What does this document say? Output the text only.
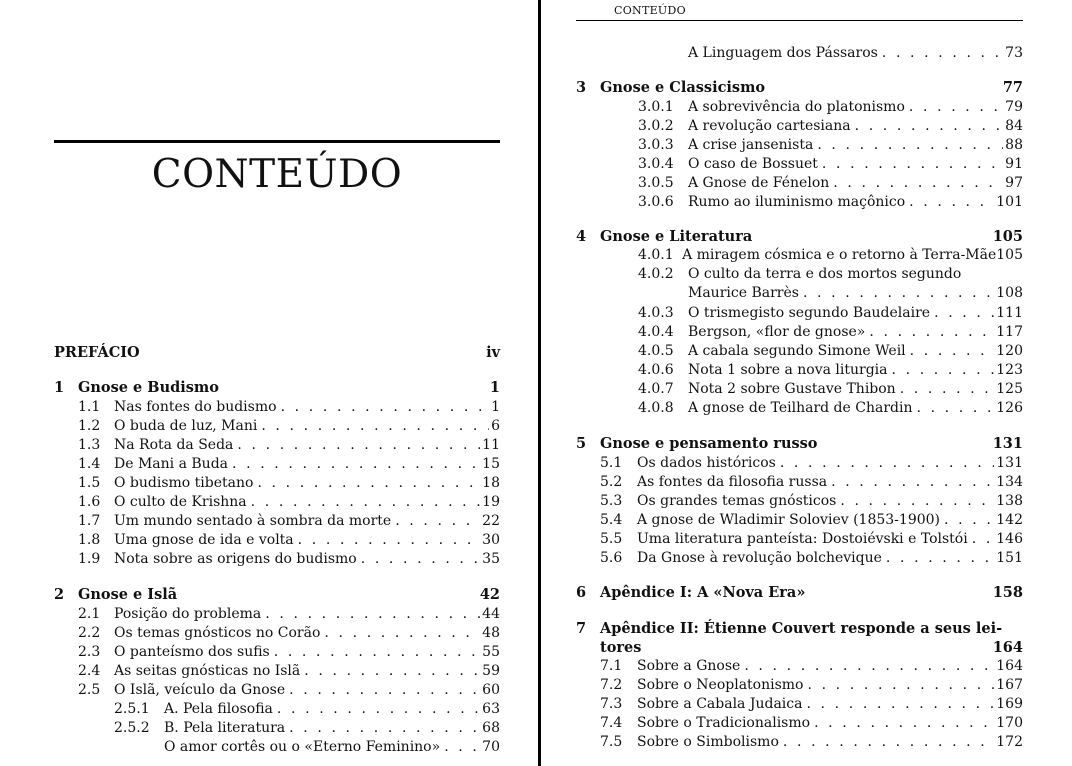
CONTEÚDO
CONTEÚDO
PREFÁCIO	iv
1 Gnose e Budismo	1
1.1 Nas fontes do budismo . . .	1
1.2 O buda de luz, Mani . . .	6
1.3 Na Rota da Seda . . .	11
1.4 De Mani a Buda . . .	15
1.5 O budismo tibetano . . .	18
1.6 O culto de Krishna . . .	19
1.7 Um mundo sentado à sombra da morte . . .	22
1.8 Uma gnose de ida e volta . . .	30
1.9 Nota sobre as origens do budismo . . .	35
2 Gnose e Islã	42
2.1 Posição do problema . . .	44
2.2 Os temas gnósticos no Corão . . .	48
2.3 O panteísmo dos sufis . . .	55
2.4 As seitas gnósticas no Islã . . .	59
2.5 O Islã, veículo da Gnose . . .	60
2.5.1	A. Pela filosofia . . .	63
2.5.2	B. Pela literatura . . .	68
O amor cortês ou o «Eterno Feminino» . . .	70
A Linguagem dos Pássaros . . .	73
3 Gnose e Classicismo	77
3.0.1	A sobrevivência do platonismo . . .	79
3.0.2	A revolução cartesiana . . .	84
3.0.3	A crise jansenista . . .	88
3.0.4	O caso de Bossuet . . .	91
3.0.5	A Gnose de Fénelon . . .	97
3.0.6	Rumo ao iluminismo maçônico . . .	101
4 Gnose e Literatura	105
4.0.1 A miragem cósmica e o retorno à Terra-Mãe 105
4.0.2	O culto da terra e dos mortos segundo
Maurice Barrès . . .	108
4.0.3	O trismegisto segundo Baudelaire . . .	111
4.0.4	Bergson, «flor de gnose» . . .	117
4.0.5	A cabala segundo Simone Weil . . .	120
4.0.6	Nota 1 sobre a nova liturgia . . .	123
4.0.7	Nota 2 sobre Gustave Thibon . . .	125
4.0.8	A gnose de Teilhard de Chardin . . .	126
5 Gnose e pensamento russo	131
5.1	Os dados históricos . . .	131
5.2	As fontes da filosofia russa . . .	134
5.3	Os grandes temas gnósticos . . .	138
5.4	A gnose de Wladimir Soloviev (1853-1900) . . .	142
5.5	Uma literatura panteísta: Dostoiévski e Tolstói . . . 146
5.6	Da Gnose à revolução bolchevique . . .	151
6 Apêndice I: A «Nova Era»	158
7 Apêndice II: Étienne Couvert responde a seus lei-
tores	164
7.1	Sobre a Gnose . . .	164
7.2	Sobre o Neoplatonismo . . .	167
7.3	Sobre a Cabala Judaica . . .	169
7.4	Sobre o Tradicionalismo . . .	170
7.5	Sobre o Simbolismo . . .	172
